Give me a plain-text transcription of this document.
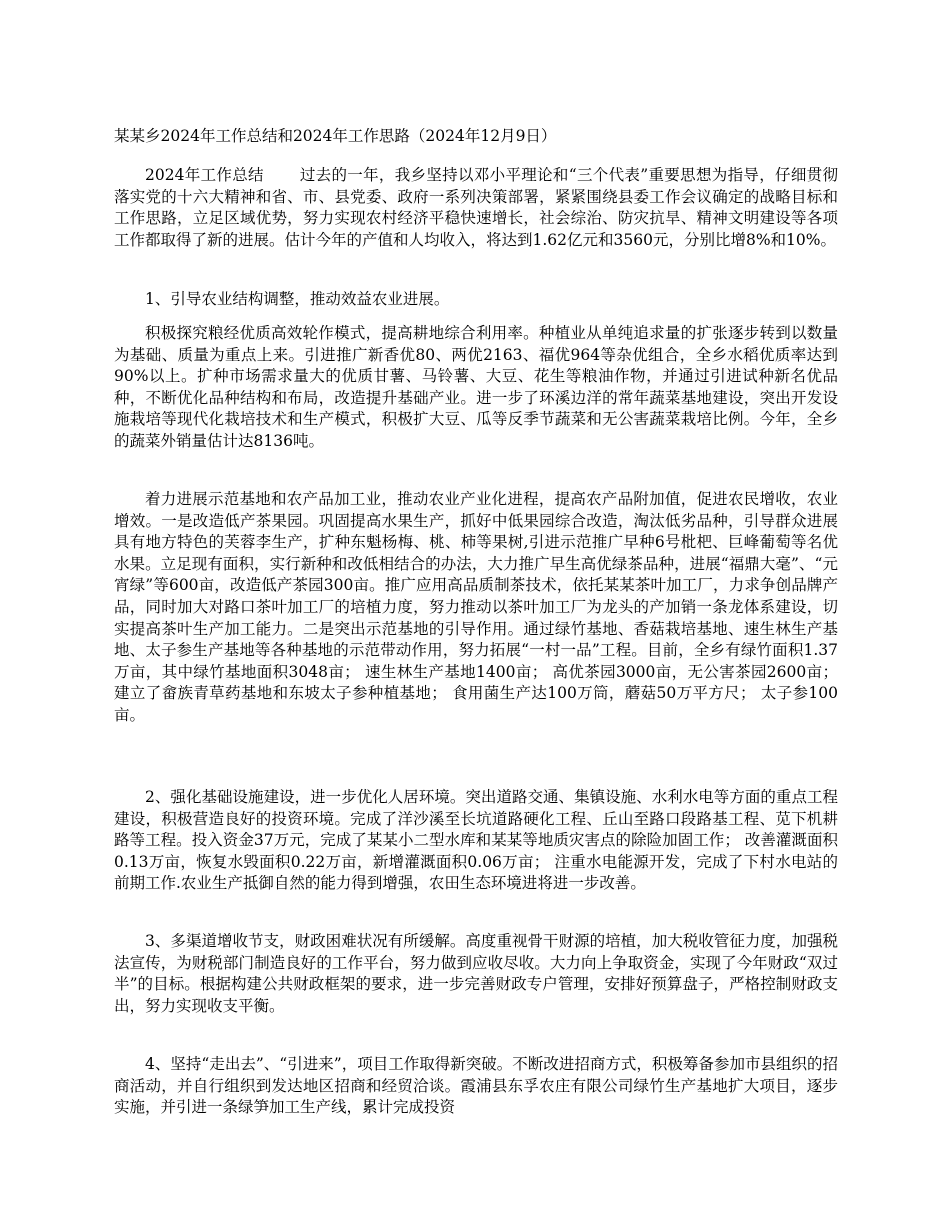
某某乡2024年工作总结和2024年工作思路（2024年12月9日）

2024年工作总结 过去的一年，我乡坚持以邓小平理论和“三个代表”重要思想为指导，仔细贯彻落实党的十六大精神和省、市、县党委、政府一系列决策部署，紧紧围绕县委工作会议确定的战略目标和工作思路，立足区域优势，努力实现农村经济平稳快速增长，社会综治、防灾抗旱、精神文明建设等各项工作都取得了新的进展。估计今年的产值和人均收入，将达到1.62亿元和3560元，分别比增8%和10%。

1、引导农业结构调整，推动效益农业进展。

积极探究粮经优质高效轮作模式，提高耕地综合利用率。种植业从单纯追求量的扩张逐步转到以数量为基础、质量为重点上来。引进推广新香优80、两优2163、福优964等杂优组合，全乡水稻优质率达到90%以上。扩种市场需求量大的优质甘薯、马铃薯、大豆、花生等粮油作物，并通过引进试种新名优品种，不断优化品种结构和布局，改造提升基础产业。进一步了环溪边洋的常年蔬菜基地建设，突出开发设施栽培等现代化栽培技术和生产模式，积极扩大豆、瓜等反季节蔬菜和无公害蔬菜栽培比例。今年，全乡的蔬菜外销量估计达8136吨。

着力进展示范基地和农产品加工业，推动农业产业化进程，提高农产品附加值，促进农民增收，农业增效。一是改造低产茶果园。巩固提高水果生产，抓好中低果园综合改造，淘汰低劣品种，引导群众进展具有地方特色的芙蓉李生产，扩种东魁杨梅、桃、柿等果树,引进示范推广早种6号枇杷、巨峰葡萄等名优水果。立足现有面积，实行新种和改低相结合的办法，大力推广早生高优绿茶品种，进展“福鼎大毫”、“元宵绿”等600亩，改造低产茶园300亩。推广应用高品质制茶技术，依托某某茶叶加工厂，力求争创品牌产品，同时加大对路口茶叶加工厂的培植力度，努力推动以茶叶加工厂为龙头的产加销一条龙体系建设，切实提高茶叶生产加工能力。二是突出示范基地的引导作用。通过绿竹基地、香菇栽培基地、速生林生产基地、太子参生产基地等各种基地的示范带动作用，努力拓展“一村一品”工程。目前，全乡有绿竹面积1.37万亩，其中绿竹基地面积3048亩； 速生林生产基地1400亩； 高优茶园3000亩，无公害茶园2600亩； 建立了畲族青草药基地和东坡太子参种植基地； 食用菌生产达100万筒，蘑菇50万平方尺； 太子参100亩。

2、强化基础设施建设，进一步优化人居环境。突出道路交通、集镇设施、水利水电等方面的重点工程建设，积极营造良好的投资环境。完成了洋沙溪至长坑道路硬化工程、丘山至路口段路基工程、苋下机耕路等工程。投入资金37万元，完成了某某小二型水库和某某等地质灾害点的除险加固工作； 改善灌溉面积0.13万亩，恢复水毁面积0.22万亩，新增灌溉面积0.06万亩； 注重水电能源开发，完成了下村水电站的前期工作.农业生产抵御自然的能力得到增强，农田生态环境进将进一步改善。

3、多渠道增收节支，财政困难状况有所缓解。高度重视骨干财源的培植，加大税收管征力度，加强税法宣传，为财税部门制造良好的工作平台，努力做到应收尽收。大力向上争取资金，实现了今年财政“双过半”的目标。根据构建公共财政框架的要求，进一步完善财政专户管理，安排好预算盘子，严格控制财政支出，努力实现收支平衡。

4、坚持“走出去”、“引进来”，项目工作取得新突破。不断改进招商方式，积极筹备参加市县组织的招商活动，并自行组织到发达地区招商和经贸洽谈。霞浦县东孚农庄有限公司绿竹生产基地扩大项目，逐步实施，并引进一条绿笋加工生产线，累计完成投资
